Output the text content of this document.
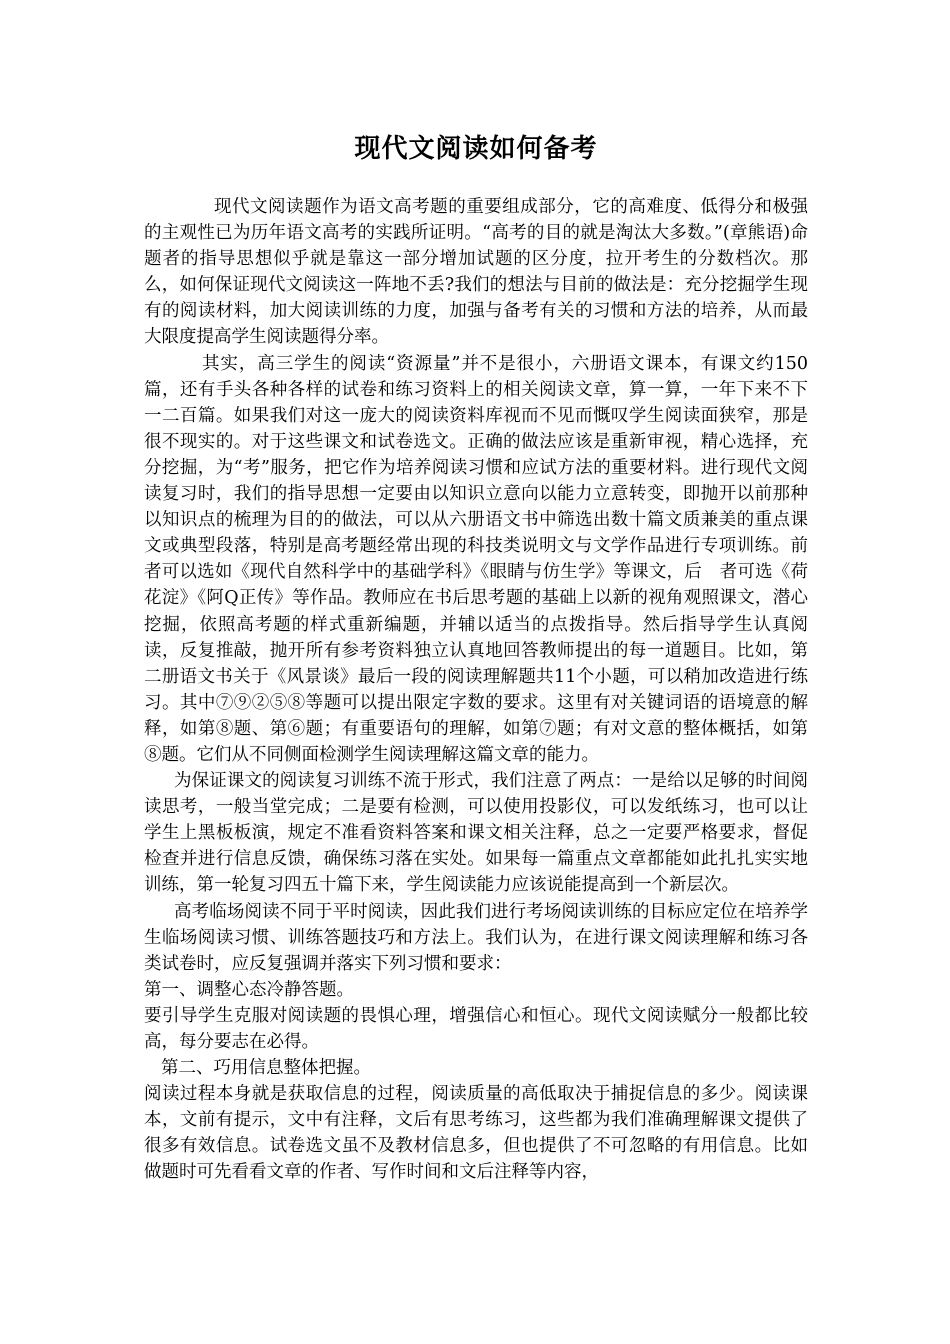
现代文阅读如何备考

现代文阅读题作为语文高考题的重要组成部分，它的高难度、低得分和极强的主观性已为历年语文高考的实践所证明。“高考的目的就是淘汰大多数。”(章熊语)命题者的指导思想似乎就是靠这一部分增加试题的区分度，拉开考生的分数档次。那么，如何保证现代文阅读这一阵地不丢?我们的想法与目前的做法是：充分挖掘学生现有的阅读材料，加大阅读训练的力度，加强与备考有关的习惯和方法的培养，从而最大限度提高学生阅读题得分率。

其实，高三学生的阅读“资源量”并不是很小，六册语文课本，有课文约150篇，还有手头各种各样的试卷和练习资料上的相关阅读文章，算一算，一年下来不下一二百篇。如果我们对这一庞大的阅读资料库视而不见而慨叹学生阅读面狭窄，那是很不现实的。对于这些课文和试卷选文。正确的做法应该是重新审视，精心选择，充分挖掘，为“考”服务，把它作为培养阅读习惯和应试方法的重要材料。进行现代文阅读复习时，我们的指导思想一定要由以知识立意向以能力立意转变，即抛开以前那种以知识点的梳理为目的的做法，可以从六册语文书中筛选出数十篇文质兼美的重点课文或典型段落，特别是高考题经常出现的科技类说明文与文学作品进行专项训练。前者可以选如《现代自然科学中的基础学科》《眼睛与仿生学》等课文，后　者可选《荷花淀》《阿Q正传》等作品。教师应在书后思考题的基础上以新的视角观照课文，潜心挖掘，依照高考题的样式重新编题，并辅以适当的点拨指导。然后指导学生认真阅读，反复推敲，抛开所有参考资料独立认真地回答教师提出的每一道题目。比如，第二册语文书关于《风景谈》最后一段的阅读理解题共11个小题，可以稍加改造进行练习。其中⑦⑨②⑤⑧等题可以提出限定字数的要求。这里有对关键词语的语境意的解释，如第⑧题、第⑥题；有重要语句的理解，如第⑦题；有对文意的整体概括，如第⑧题。它们从不同侧面检测学生阅读理解这篇文章的能力。

为保证课文的阅读复习训练不流于形式，我们注意了两点：一是给以足够的时间阅读思考，一般当堂完成；二是要有检测，可以使用投影仪，可以发纸练习，也可以让学生上黑板板演，规定不准看资料答案和课文相关注释，总之一定要严格要求，督促检查并进行信息反馈，确保练习落在实处。如果每一篇重点文章都能如此扎扎实实地训练，第一轮复习四五十篇下来，学生阅读能力应该说能提高到一个新层次。

高考临场阅读不同于平时阅读，因此我们进行考场阅读训练的目标应定位在培养学生临场阅读习惯、训练答题技巧和方法上。我们认为，在进行课文阅读理解和练习各类试卷时，应反复强调并落实下列习惯和要求：

第一、调整心态冷静答题。

要引导学生克服对阅读题的畏惧心理，增强信心和恒心。现代文阅读赋分一般都比较高，每分要志在必得。

第二、巧用信息整体把握。

阅读过程本身就是获取信息的过程，阅读质量的高低取决于捕捉信息的多少。阅读课本，文前有提示，文中有注释，文后有思考练习，这些都为我们准确理解课文提供了很多有效信息。试卷选文虽不及教材信息多，但也提供了不可忽略的有用信息。比如做题时可先看看文章的作者、写作时间和文后注释等内容，
